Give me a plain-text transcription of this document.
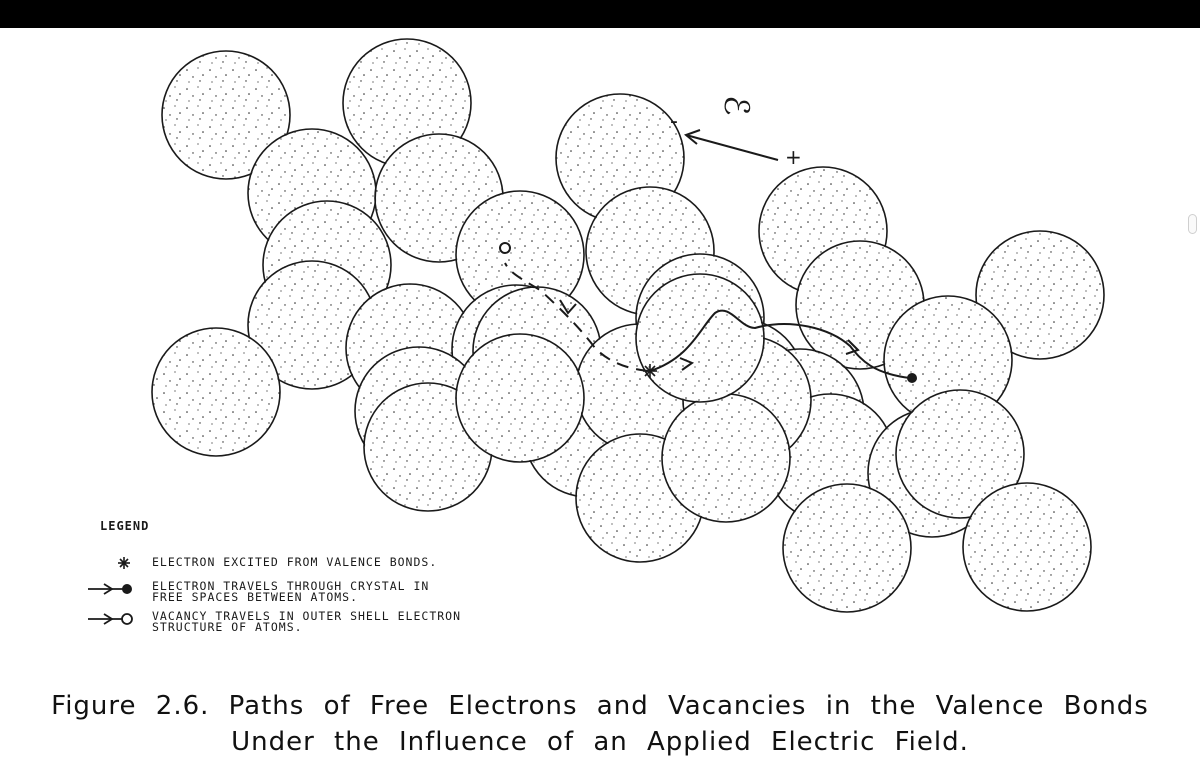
ℰ
-
+
LEGEND
ELECTRON EXCITED FROM VALENCE BONDS.
ELECTRON TRAVELS THROUGH CRYSTAL IN
FREE SPACES BETWEEN ATOMS.
VACANCY TRAVELS IN OUTER SHELL ELECTRON
STRUCTURE OF ATOMS.
Figure 2.6. Paths of Free Electrons and Vacancies in the Valence Bonds
Under the Influence of an Applied Electric Field.
